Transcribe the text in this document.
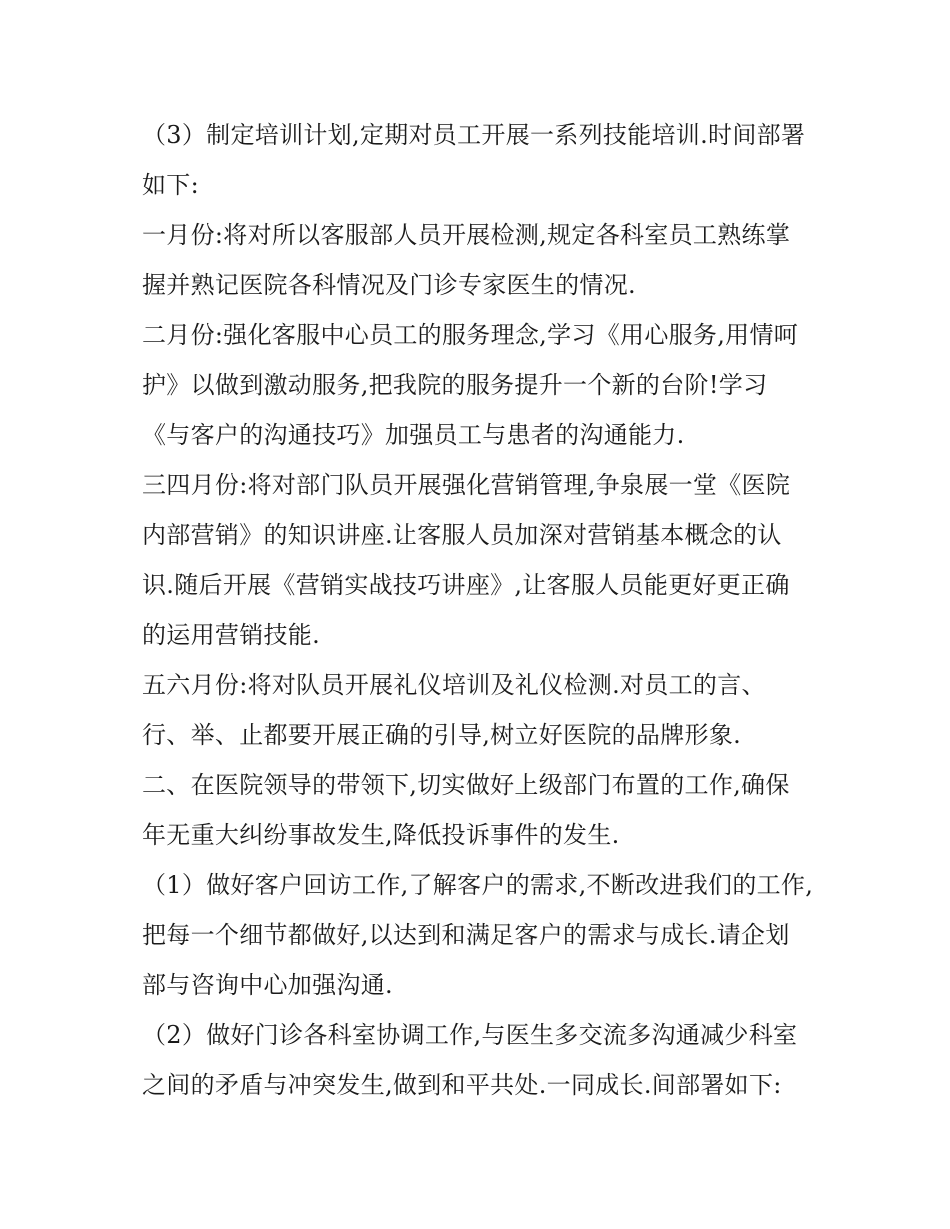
（3）制定培训计划,定期对员工开展一系列技能培训.时间部署
如下:
一月份:将对所以客服部人员开展检测,规定各科室员工熟练掌
握并熟记医院各科情况及门诊专家医生的情况.
二月份:强化客服中心员工的服务理念,学习《用心服务,用情呵
护》以做到激动服务,把我院的服务提升一个新的台阶!学习
《与客户的沟通技巧》加强员工与患者的沟通能力.
三四月份:将对部门队员开展强化营销管理,争泉展一堂《医院
内部营销》的知识讲座.让客服人员加深对营销基本概念的认
识.随后开展《营销实战技巧讲座》,让客服人员能更好更正确
的运用营销技能.
五六月份:将对队员开展礼仪培训及礼仪检测.对员工的言、
行、举、止都要开展正确的引导,树立好医院的品牌形象.
二、在医院领导的带领下,切实做好上级部门布置的工作,确保
年无重大纠纷事故发生,降低投诉事件的发生.
（1）做好客户回访工作,了解客户的需求,不断改进我们的工作,
把每一个细节都做好,以达到和满足客户的需求与成长.请企划
部与咨询中心加强沟通.
（2）做好门诊各科室协调工作,与医生多交流多沟通减少科室
之间的矛盾与冲突发生,做到和平共处.一同成长.间部署如下:
